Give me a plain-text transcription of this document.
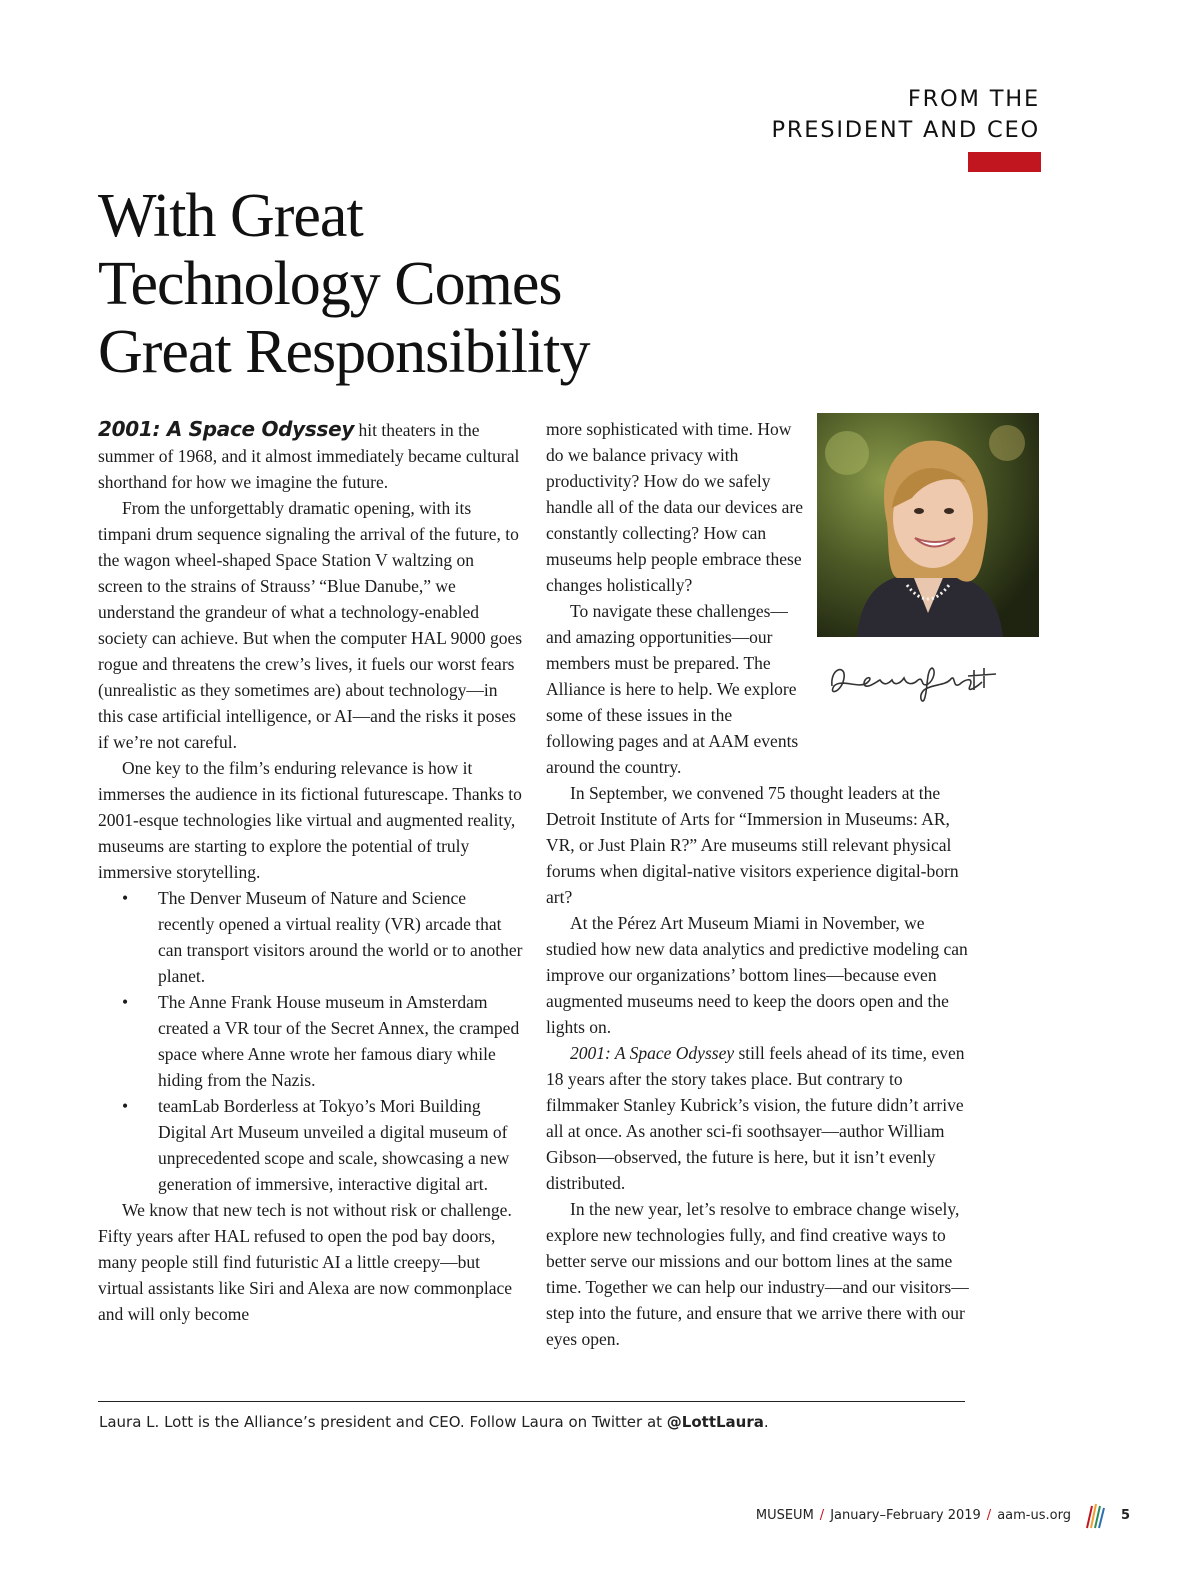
FROM THE
PRESIDENT AND CEO
With Great
Technology Comes
Great Responsibility

2001: A Space Odyssey hit theaters in the summer of 1968, and it almost immediately became cultural shorthand for how we imagine the future.

From the unforgettably dramatic opening, with its timpani drum sequence signaling the arrival of the future, to the wagon wheel-shaped Space Station V waltzing on screen to the strains of Strauss’ “Blue Danube,” we understand the grandeur of what a technology-enabled society can achieve. But when the computer HAL 9000 goes rogue and threatens the crew’s lives, it fuels our worst fears (unrealistic as they sometimes are) about technology—in this case artificial intelligence, or AI—and the risks it poses if we’re not careful.

One key to the film’s enduring relevance is how it immerses the audience in its fictional futurescape. Thanks to 2001-esque technologies like virtual and augmented reality, museums are starting to explore the potential of truly immersive storytelling.

• The Denver Museum of Nature and Science recently opened a virtual reality (VR) arcade that can transport visitors around the world or to another planet.
• The Anne Frank House museum in Amsterdam created a VR tour of the Secret Annex, the cramped space where Anne wrote her famous diary while hiding from the Nazis.
• teamLab Borderless at Tokyo’s Mori Building Digital Art Museum unveiled a digital museum of unprecedented scope and scale, showcasing a new generation of immersive, interactive digital art.

We know that new tech is not without risk or challenge. Fifty years after HAL refused to open the pod bay doors, many people still find futuristic AI a little creepy—but virtual assistants like Siri and Alexa are now commonplace and will only become

more sophisticated with time. How do we balance privacy with productivity? How do we safely handle all of the data our devices are constantly collecting? How can museums help people embrace these changes holistically?

To navigate these challenges—and amazing opportunities—our members must be prepared. The Alliance is here to help. We explore some of these issues in the following pages and at AAM events around the country.

In September, we convened 75 thought leaders at the Detroit Institute of Arts for “Immersion in Museums: AR, VR, or Just Plain R?” Are museums still relevant physical forums when digital-native visitors experience digital-born art?

At the Pérez Art Museum Miami in November, we studied how new data analytics and predictive modeling can improve our organizations’ bottom lines—because even augmented museums need to keep the doors open and the lights on.

2001: A Space Odyssey still feels ahead of its time, even 18 years after the story takes place. But contrary to filmmaker Stanley Kubrick’s vision, the future didn’t arrive all at once. As another sci-fi soothsayer—author William Gibson—observed, the future is here, but it isn’t evenly distributed.

In the new year, let’s resolve to embrace change wisely, explore new technologies fully, and find creative ways to better serve our missions and our bottom lines at the same time. Together we can help our industry—and our visitors—step into the future, and ensure that we arrive there with our eyes open.

Laura L. Lott is the Alliance’s president and CEO. Follow Laura on Twitter at @LottLaura.
MUSEUM / January–February 2019 / aam-us.org	5
